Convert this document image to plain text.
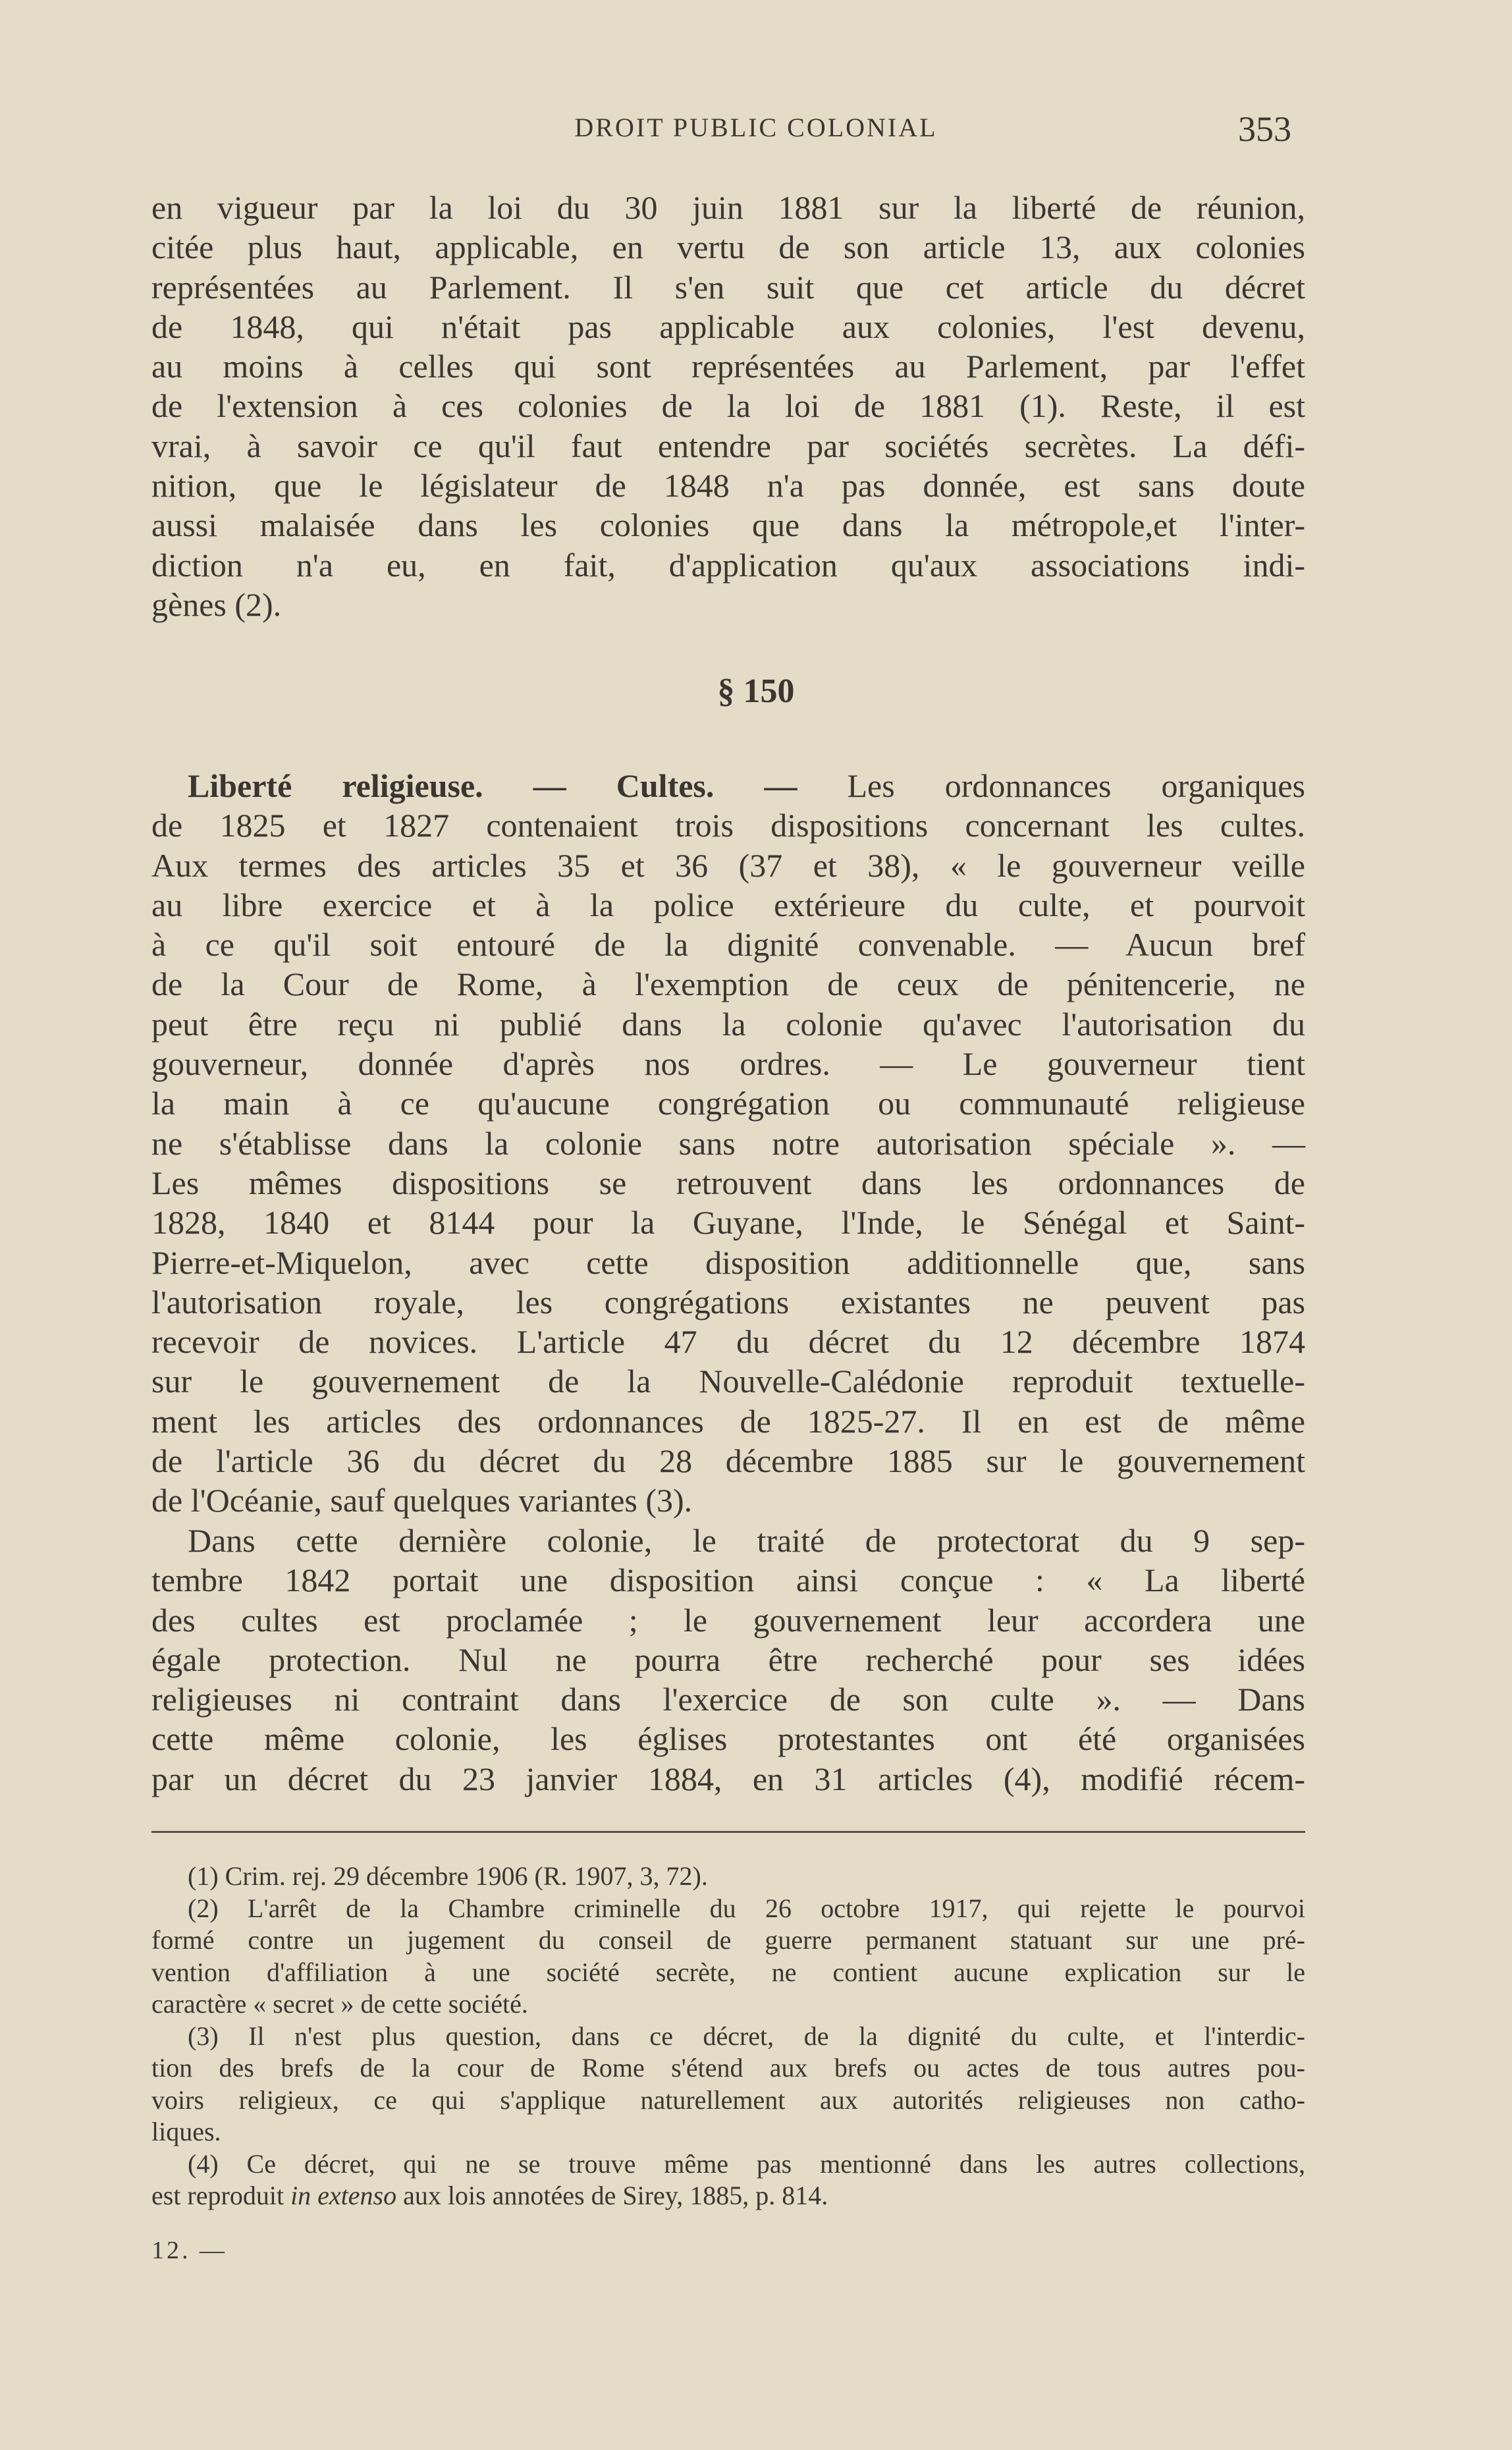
DROIT PUBLIC COLONIAL	353
en vigueur par la loi du 30 juin 1881 sur la liberté de réunion,
citée plus haut, applicable, en vertu de son article 13, aux colonies
représentées au Parlement. Il s'en suit que cet article du décret
de 1848, qui n'était pas applicable aux colonies, l'est devenu,
au moins à celles qui sont représentées au Parlement, par l'effet
de l'extension à ces colonies de la loi de 1881 (1). Reste, il est
vrai, à savoir ce qu'il faut entendre par sociétés secrètes. La défi-
nition, que le législateur de 1848 n'a pas donnée, est sans doute
aussi malaisée dans les colonies que dans la métropole,et l'inter-
diction n'a eu, en fait, d'application qu'aux associations indi-
gènes (2).
§ 150
Liberté religieuse. — Cultes. — Les ordonnances organiques
de 1825 et 1827 contenaient trois dispositions concernant les cultes.
Aux termes des articles 35 et 36 (37 et 38), « le gouverneur veille
au libre exercice et à la police extérieure du culte, et pourvoit
à ce qu'il soit entouré de la dignité convenable. — Aucun bref
de la Cour de Rome, à l'exemption de ceux de pénitencerie, ne
peut être reçu ni publié dans la colonie qu'avec l'autorisation du
gouverneur, donnée d'après nos ordres. — Le gouverneur tient
la main à ce qu'aucune congrégation ou communauté religieuse
ne s'établisse dans la colonie sans notre autorisation spéciale ». —
Les mêmes dispositions se retrouvent dans les ordonnances de
1828, 1840 et 8144 pour la Guyane, l'Inde, le Sénégal et Saint-
Pierre-et-Miquelon, avec cette disposition additionnelle que, sans
l'autorisation royale, les congrégations existantes ne peuvent pas
recevoir de novices. L'article 47 du décret du 12 décembre 1874
sur le gouvernement de la Nouvelle-Calédonie reproduit textuelle-
ment les articles des ordonnances de 1825-27. Il en est de même
de l'article 36 du décret du 28 décembre 1885 sur le gouvernement
de l'Océanie, sauf quelques variantes (3).
Dans cette dernière colonie, le traité de protectorat du 9 sep-
tembre 1842 portait une disposition ainsi conçue : « La liberté
des cultes est proclamée ; le gouvernement leur accordera une
égale protection. Nul ne pourra être recherché pour ses idées
religieuses ni contraint dans l'exercice de son culte ». — Dans
cette même colonie, les églises protestantes ont été organisées
par un décret du 23 janvier 1884, en 31 articles (4), modifié récem-
(1) Crim. rej. 29 décembre 1906 (R. 1907, 3, 72).
(2) L'arrêt de la Chambre criminelle du 26 octobre 1917, qui rejette le pourvoi
formé contre un jugement du conseil de guerre permanent statuant sur une pré-
vention d'affiliation à une société secrète, ne contient aucune explication sur le
caractère « secret » de cette société.
(3) Il n'est plus question, dans ce décret, de la dignité du culte, et l'interdic-
tion des brefs de la cour de Rome s'étend aux brefs ou actes de tous autres pou-
voirs religieux, ce qui s'applique naturellement aux autorités religieuses non catho-
liques.
(4) Ce décret, qui ne se trouve même pas mentionné dans les autres collections,
est reproduit in extenso aux lois annotées de Sirey, 1885, p. 814.
12. —
